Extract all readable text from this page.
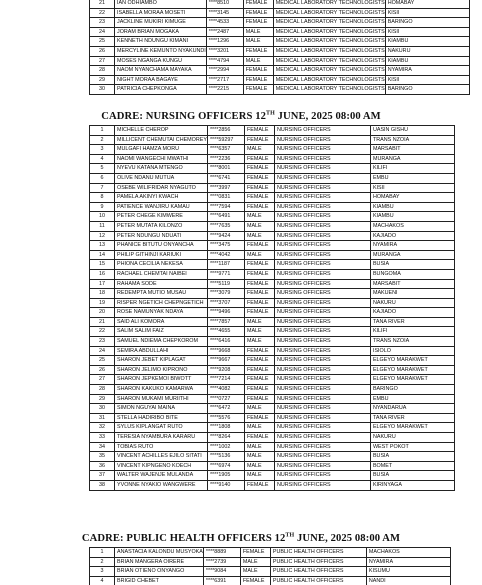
21	IAN ODHIAMBO	****8510	FEMALE	MEDICAL LABORATORY TECHNOLOGISTS	HOMABAY
22	ISABELLA MORAA MOSETI	****3145	FEMALE	MEDICAL LABORATORY TECHNOLOGISTS	KISII
23	JACKLINE MUKIRI KIMUGE	****4533	FEMALE	MEDICAL LABORATORY TECHNOLOGISTS	BARINGO
24	JORAM BRIAN MOGAKA	****2487	MALE	MEDICAL LABORATORY TECHNOLOGISTS	KISII
25	KENNETH NDUNGU KIMANI	****1296	MALE	MEDICAL LABORATORY TECHNOLOGISTS	KIAMBU
26	MERCYLINE KEMUNTO NYAKUNDI	****3201	FEMALE	MEDICAL LABORATORY TECHNOLOGISTS	NAKURU
27	MOSES NGANGA KUNGU	****4794	MALE	MEDICAL LABORATORY TECHNOLOGISTS	KIAMBU
28	NAOM NYANCHAMA MAYAKA	****2994	FEMALE	MEDICAL LABORATORY TECHNOLOGISTS	NYAMIRA
29	NIGHT MORAA BAGAYE	****2717	FEMALE	MEDICAL LABORATORY TECHNOLOGISTS	KISII
30	PATRICIA CHEPKONGA	****2215	FEMALE	MEDICAL LABORATORY TECHNOLOGISTS	BARINGO
CADRE: NURSING OFFICERS 12TH JUNE, 2025 08:00 AM
1	MICHELLE CHEROP	****2856	FEMALE	NURSING OFFICERS	UASIN GISHU
2	MILLICENT CHEMUTAI CHEMOREY	****59297	FEMALE	NURSING OFFICERS	TRANS NZOIA
3	MULGAFI HAMZA MORU	****6357	MALE	NURSING OFFICERS	MARSABIT
4	NAOMI WANGECHI MWATHI	****2236	FEMALE	NURSING OFFICERS	MURANGA
5	NYEVU KATANA MTENGO	****8001	FEMALE	NURSING OFFICERS	KILIFI
6	OLIVE NDANU MUTUA	****6741	FEMALE	NURSING OFFICERS	EMBU
7	OSEBE WILIFRIDAR NYAGUTO	****3997	FEMALE	NURSING OFFICERS	KISII
8	PAMELA AKINYI KWACH	****0831	FEMALE	NURSING OFFICERS	HOMABAY
9	PATIENCE WANJIRU KAMAU	****7594	FEMALE	NURSING OFFICERS	KIAMBU
10	PETER CHEGE KIMWERE	****6491	MALE	NURSING OFFICERS	KIAMBU
11	PETER MUTATA KILONZO	****7635	MALE	NURSING OFFICERS	MACHAKOS
12	PETER NDUNGU NDUATI	****9424	MALE	NURSING OFFICERS	KAJIADO
13	PHANICE BITUTU ONYANCHA	****3475	FEMALE	NURSING OFFICERS	NYAMIRA
14	PHILIP GITHINJI KARIUKI	****4042	MALE	NURSING OFFICERS	MURANGA
15	PHIONA CECILIA NEKESA	****1187	FEMALE	NURSING OFFICERS	BUSIA
16	RACHAEL CHEMTAI NAIBEI	****9771	FEMALE	NURSING OFFICERS	BUNGOMA
17	RAHAMA SODE	****5119	FEMALE	NURSING OFFICERS	MARSABIT
18	REDEMPTA MUTIO MUSAU	****3079	FEMALE	NURSING OFFICERS	MAKUENI
19	RISPER NGETICH CHEPNGETICH	****3707	FEMALE	NURSING OFFICERS	NAKURU
20	ROSE NAMUNYAK NDAYA	****9496	FEMALE	NURSING OFFICERS	KAJIADO
21	SAID ALI KOMORA	****7857	MALE	NURSING OFFICERS	TANA RIVER
22	SALIM SALIM FAIZ	****4655	MALE	NURSING OFFICERS	KILIFI
23	SAMUEL NDIEMA CHEPKOROM	****6416	MALE	NURSING OFFICERS	TRANS NZOIA
24	SEMIRA ABDULLAHI	****9668	FEMALE	NURSING OFFICERS	ISIOLO
25	SHARON JEBET KIPLAGAT	****9667	FEMALE	NURSING OFFICERS	ELGEYO MARAKWET
26	SHARON JELIMO KIPRONO	****9208	FEMALE	NURSING OFFICERS	ELGEYO MARAKWET
27	SHARON JEPKEMOI BIWOTT	****7214	FEMALE	NURSING OFFICERS	ELGEYO MARAKWET
28	SHARON KAKUKO KAMARWA	****4082	FEMALE	NURSING OFFICERS	BARINGO
29	SHARON MUKAMI MURIITHI	****0727	FEMALE	NURSING OFFICERS	EMBU
30	SIMON NGUYAI MAINA	****6472	MALE	NURSING OFFICERS	NYANDARUA
31	STELLA HADIRIBO BITE	****5576	FEMALE	NURSING OFFICERS	TANA RIVER
32	SYLUS KIPLANGAT RUTO	****1808	MALE	NURSING OFFICERS	ELGEYO MARAKWET
33	TERESIA NYAMBURA KARARU	****8264	FEMALE	NURSING OFFICERS	NAKURU
34	TOBIAS RUTO	****1002	MALE	NURSING OFFICERS	WEST POKOT
35	VINCENT ACHILLES EJILO SITATI	****5136	MALE	NURSING OFFICERS	BUSIA
36	VINCENT KIPNGENO KOECH	****6974	MALE	NURSING OFFICERS	BOMET
37	WALTER WAJENJE MULANDA	****1905	MALE	NURSING OFFICERS	BUSIA
38	YVONNE NYAKIO WANGWERE	****9140	FEMALE	NURSING OFFICERS	KIRINYAGA
CADRE: PUBLIC HEALTH OFFICERS 12TH JUNE, 2025 08:00 AM
1	ANASTACIA KALONDU MUSYOKA	****8889	FEMALE	PUBLIC HEALTH OFFICERS	MACHAKOS
2	BRIAN MANGERA OIRERE	****2739	MALE	PUBLIC HEALTH OFFICERS	NYAMIRA
3	BRIAN OTIENO ONYANGO	****9084	MALE	PUBLIC HEALTH OFFICERS	KISUMU
4	BRIGID CHEBET	****6391	FEMALE	PUBLIC HEALTH OFFICERS	NANDI
